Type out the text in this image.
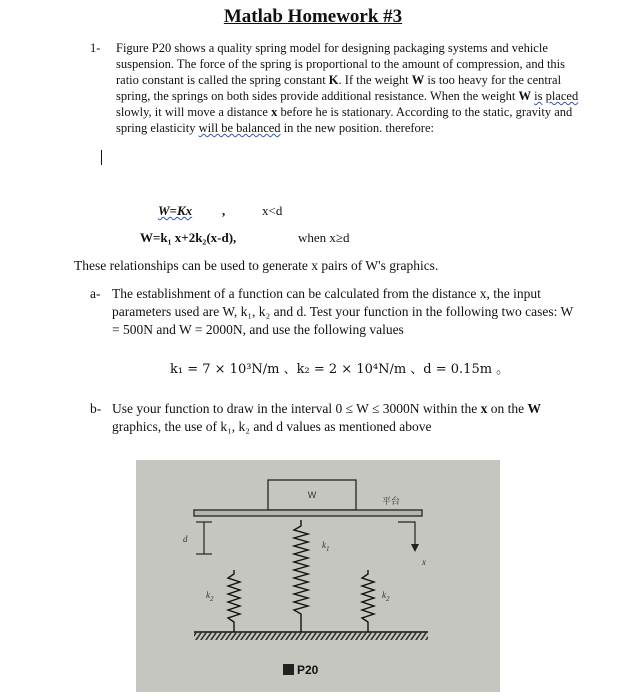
Matlab Homework #3
1- Figure P20 shows a quality spring model for designing packaging systems and vehicle suspension. The force of the spring is proportional to the amount of compression, and this ratio constant is called the spring constant K. If the weight W is too heavy for the central spring, the springs on both sides provide additional resistance. When the weight W is placed slowly, it will move a distance x before he is stationary. According to the static, gravity and spring elasticity will be balanced in the new position. therefore:
W=Kx ,	x<d
W=k₁ x+2k₂(x-d),	when x≥d
These relationships can be used to generate x pairs of W's graphics.
a- The establishment of a function can be calculated from the distance x, the input parameters used are W, k₁, k₂ and d. Test your function in the following two cases: W = 500N and W = 2000N, and use the following values
k₁ = 7 × 10³N/m 、k₂ = 2 × 10⁴N/m 、d = 0.15m 。
b- Use your function to draw in the interval 0 ≤ W ≤ 3000N within the x on the W graphics, the use of k₁, k₂ and d values as mentioned above
W
平台
d
x
$k_1$
$k_2$	$k_2$
P20
